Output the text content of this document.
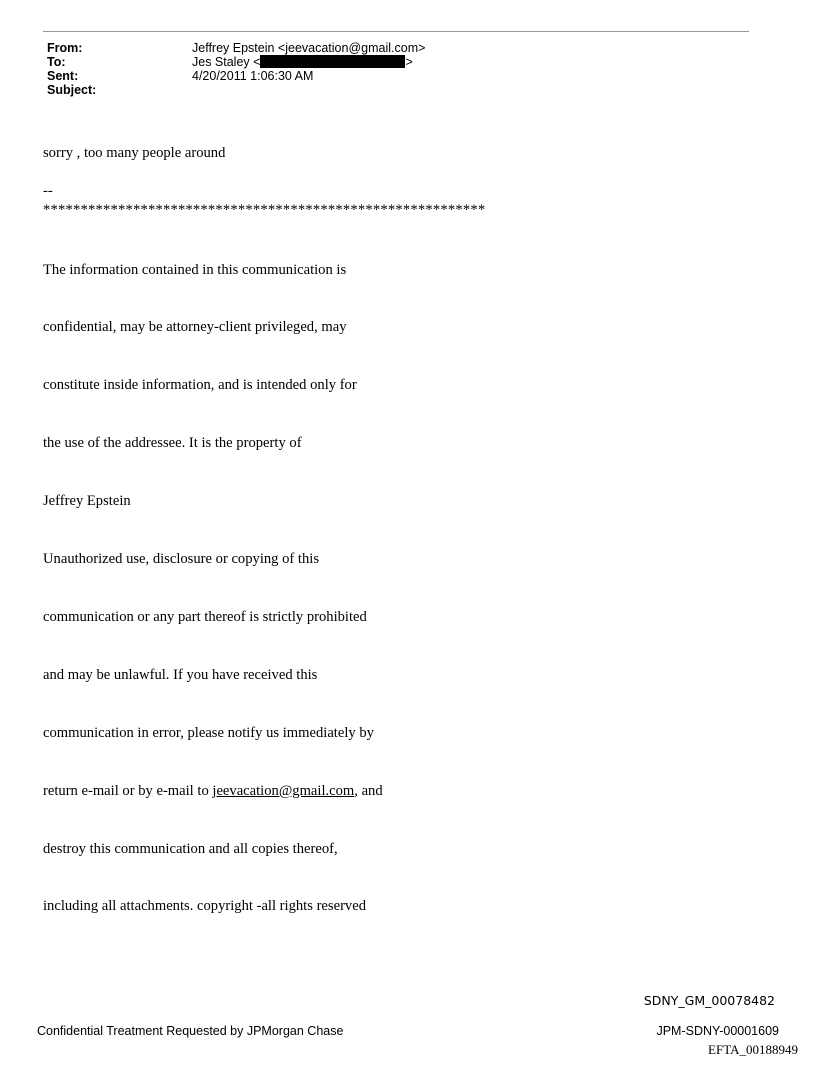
From:	Jeffrey Epstein <jeevacation@gmail.com>
To:	Jes Staley <	>
Sent:	4/20/2011 1:06:30 AM
Subject:
sorry , too many people around
--
***********************************************************

The information contained in this communication is

confidential, may be attorney-client privileged, may

constitute inside information, and is intended only for

the use of the addressee. It is the property of

Jeffrey Epstein

Unauthorized use, disclosure or copying of this

communication or any part thereof is strictly prohibited

and may be unlawful. If you have received this

communication in error, please notify us immediately by

return e-mail or by e-mail to jeevacation@gmail.com, and

destroy this communication and all copies thereof,

including all attachments. copyright -all rights reserved

SDNY_GM_00078482
Confidential Treatment Requested by JPMorgan Chase	JPM-SDNY-00001609
EFTA_00188949
